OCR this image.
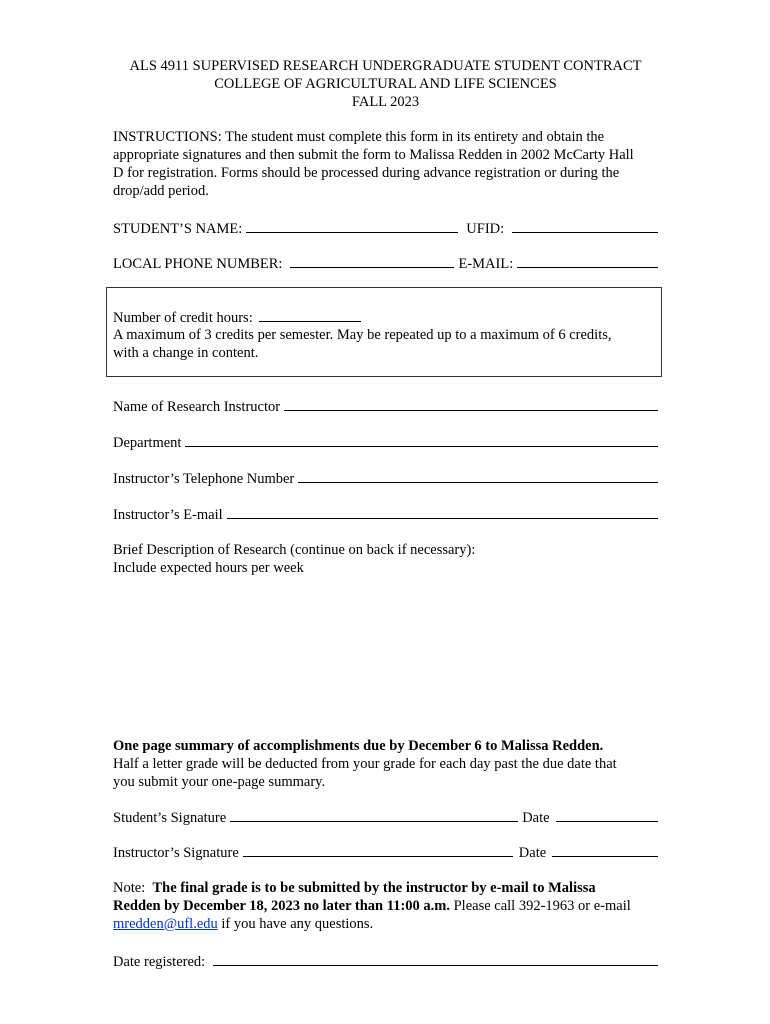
ALS 4911 SUPERVISED RESEARCH UNDERGRADUATE STUDENT CONTRACT
COLLEGE OF AGRICULTURAL AND LIFE SCIENCES
FALL 2023
INSTRUCTIONS: The student must complete this form in its entirety and obtain the
appropriate signatures and then submit the form to Malissa Redden in 2002 McCarty Hall
D for registration. Forms should be processed during advance registration or during the
drop/add period.
STUDENT’S NAME:	UFID:
LOCAL PHONE NUMBER:	E-MAIL:
Number of credit hours:
A maximum of 3 credits per semester. May be repeated up to a maximum of 6 credits,
with a change in content.
Name of Research Instructor
Department
Instructor’s Telephone Number
Instructor’s E-mail
Brief Description of Research (continue on back if necessary):
Include expected hours per week
One page summary of accomplishments due by December 6 to Malissa Redden.
Half a letter grade will be deducted from your grade for each day past the due date that
you submit your one-page summary.
Student’s Signature	Date
Instructor’s Signature	Date
Note:  The final grade is to be submitted by the instructor by e-mail to Malissa
Redden by December 18, 2023 no later than 11:00 a.m. Please call 392-1963 or e-mail
mredden@ufl.edu if you have any questions.
Date registered:
